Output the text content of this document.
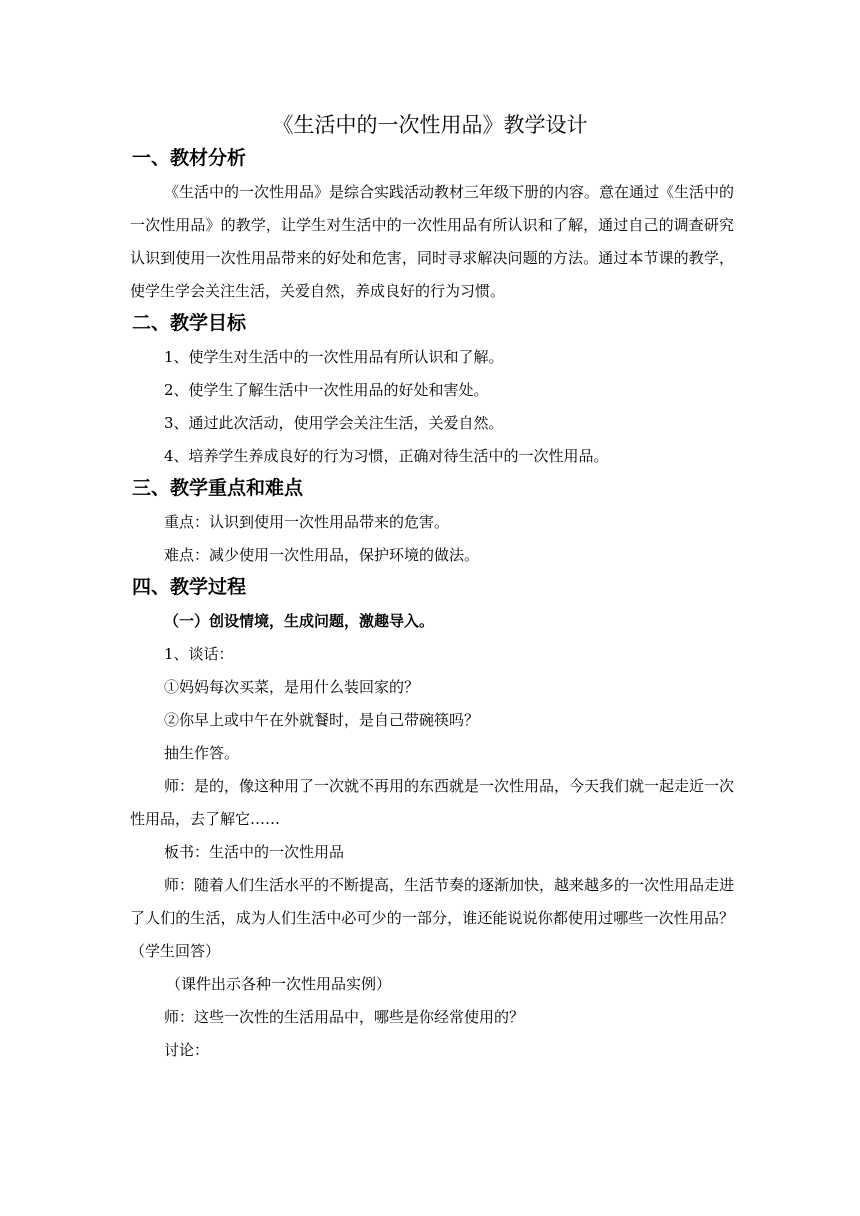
《生活中的一次性用品》教学设计
一、教材分析

《生活中的一次性用品》是综合实践活动教材三年级下册的内容。意在通过《生活中的一次性用品》的教学，让学生对生活中的一次性用品有所认识和了解，通过自己的调查研究认识到使用一次性用品带来的好处和危害，同时寻求解决问题的方法。通过本节课的教学，使学生学会关注生活，关爱自然，养成良好的行为习惯。

二、教学目标
1、使学生对生活中的一次性用品有所认识和了解。
2、使学生了解生活中一次性用品的好处和害处。
3、通过此次活动，使用学会关注生活，关爱自然。
4、培养学生养成良好的行为习惯，正确对待生活中的一次性用品。
三、教学重点和难点
重点：认识到使用一次性用品带来的危害。
难点：减少使用一次性用品，保护环境的做法。
四、教学过程
（一）创设情境，生成问题，激趣导入。
1、谈话：
①妈妈每次买菜，是用什么装回家的？
②你早上或中午在外就餐时，是自己带碗筷吗？
抽生作答。

师：是的，像这种用了一次就不再用的东西就是一次性用品，今天我们就一起走近一次性用品，去了解它……

板书：生活中的一次性用品

师：随着人们生活水平的不断提高，生活节奏的逐渐加快，越来越多的一次性用品走进了人们的生活，成为人们生活中必可少的一部分，谁还能说说你都使用过哪些一次性用品？（学生回答）

（课件出示各种一次性用品实例）
师：这些一次性的生活用品中，哪些是你经常使用的？
讨论：
